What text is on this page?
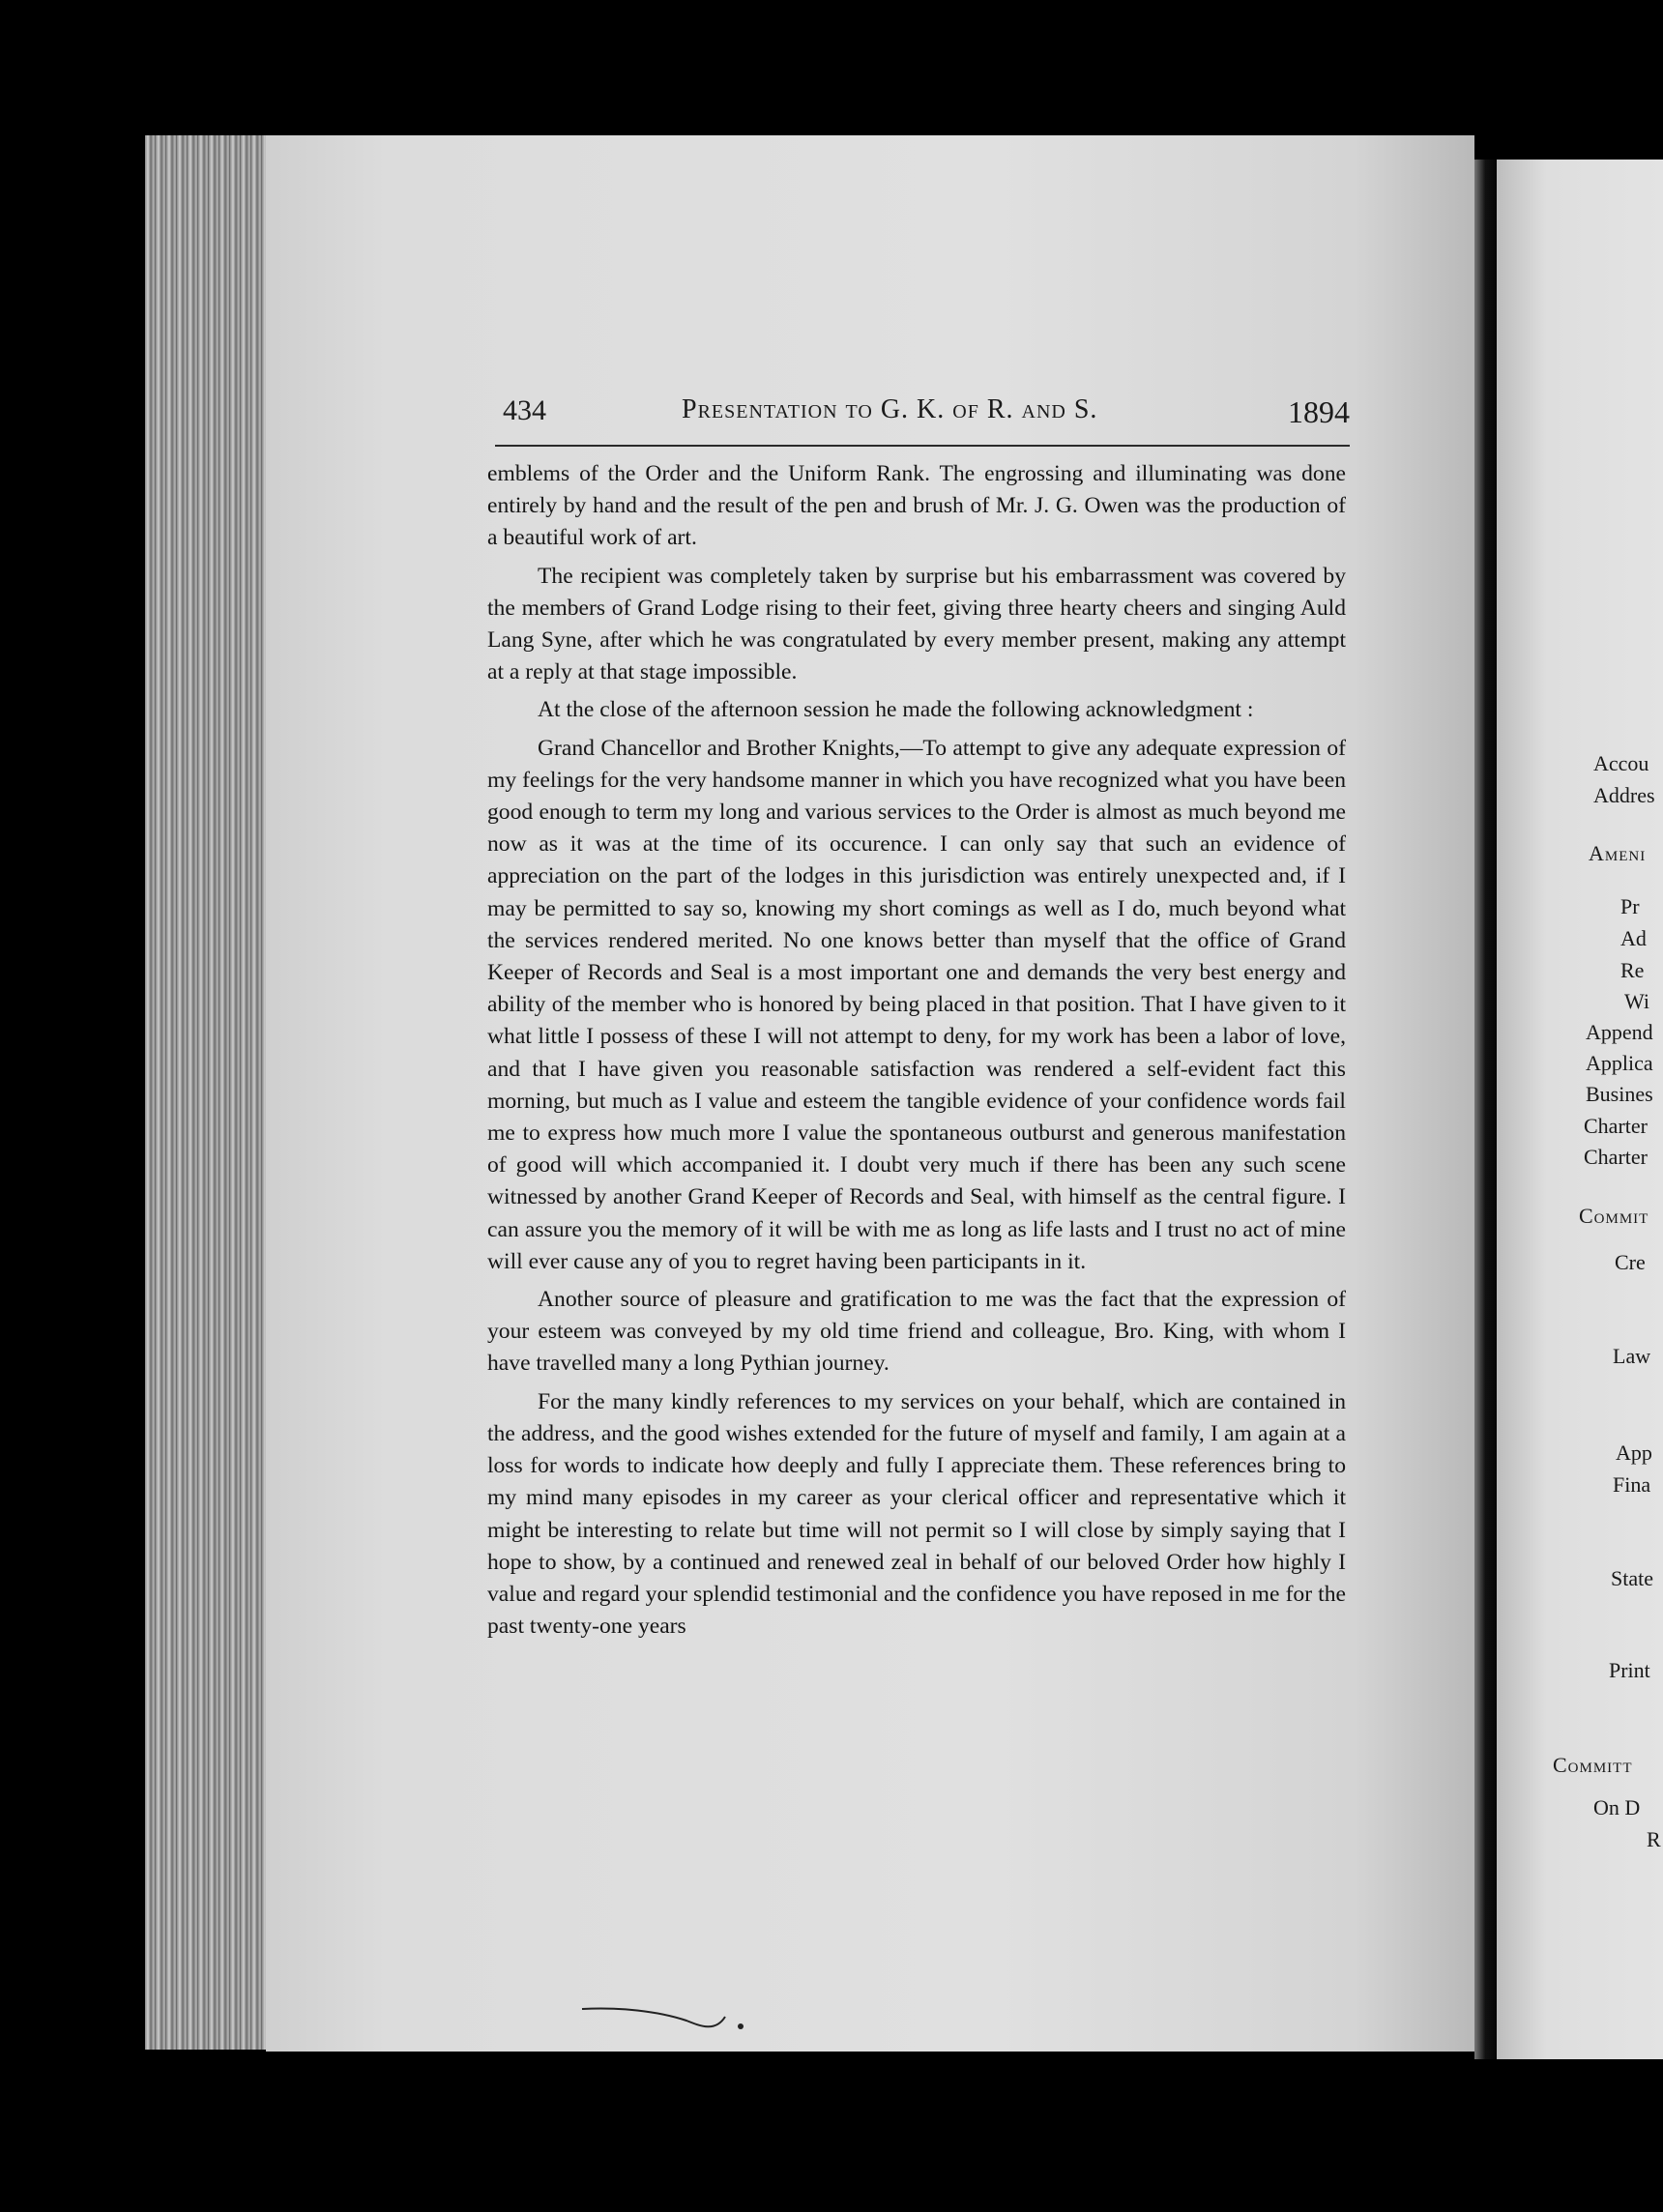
434	Presentation to G. K. of R. and S.	1894

emblems of the Order and the Uniform Rank. The engrossing and illuminating was done entirely by hand and the result of the pen and brush of Mr. J. G. Owen was the production of a beautiful work of art.

The recipient was completely taken by surprise but his embarrassment was covered by the members of Grand Lodge rising to their feet, giving three hearty cheers and singing Auld Lang Syne, after which he was congratulated by every member present, making any attempt at a reply at that stage impossible.

At the close of the afternoon session he made the following acknowledgment :

Grand Chancellor and Brother Knights,—To attempt to give any adequate expression of my feelings for the very handsome manner in which you have recognized what you have been good enough to term my long and various services to the Order is almost as much beyond me now as it was at the time of its occurence. I can only say that such an evidence of appreciation on the part of the lodges in this jurisdiction was entirely unexpected and, if I may be permitted to say so, knowing my short comings as well as I do, much beyond what the services rendered merited. No one knows better than myself that the office of Grand Keeper of Records and Seal is a most important one and demands the very best energy and ability of the member who is honored by being placed in that position. That I have given to it what little I possess of these I will not attempt to deny, for my work has been a labor of love, and that I have given you reasonable satisfaction was rendered a self-evident fact this morning, but much as I value and esteem the tangible evidence of your confidence words fail me to express how much more I value the spontaneous outburst and generous manifestation of good will which accompanied it. I doubt very much if there has been any such scene witnessed by another Grand Keeper of Records and Seal, with himself as the central figure. I can assure you the memory of it will be with me as long as life lasts and I trust no act of mine will ever cause any of you to regret having been participants in it.

Another source of pleasure and gratification to me was the fact that the expression of your esteem was conveyed by my old time friend and colleague, Bro. King, with whom I have travelled many a long Pythian journey.

For the many kindly references to my services on your behalf, which are contained in the address, and the good wishes extended for the future of myself and family, I am again at a loss for words to indicate how deeply and fully I appreciate them. These references bring to my mind many episodes in my career as your clerical officer and representative which it might be interesting to relate but time will not permit so I will close by simply saying that I hope to show, by a continued and renewed zeal in behalf of our beloved Order how highly I value and regard your splendid testimonial and the confidence you have reposed in me for the past twenty-one years

Accou
Addres
Ameni
Pr
Ad
Re
Wi
Append
Applica
Busines
Charter
Charter
Commit
Cre
Law
App
Fina
State
Print
Committ
On D
R
